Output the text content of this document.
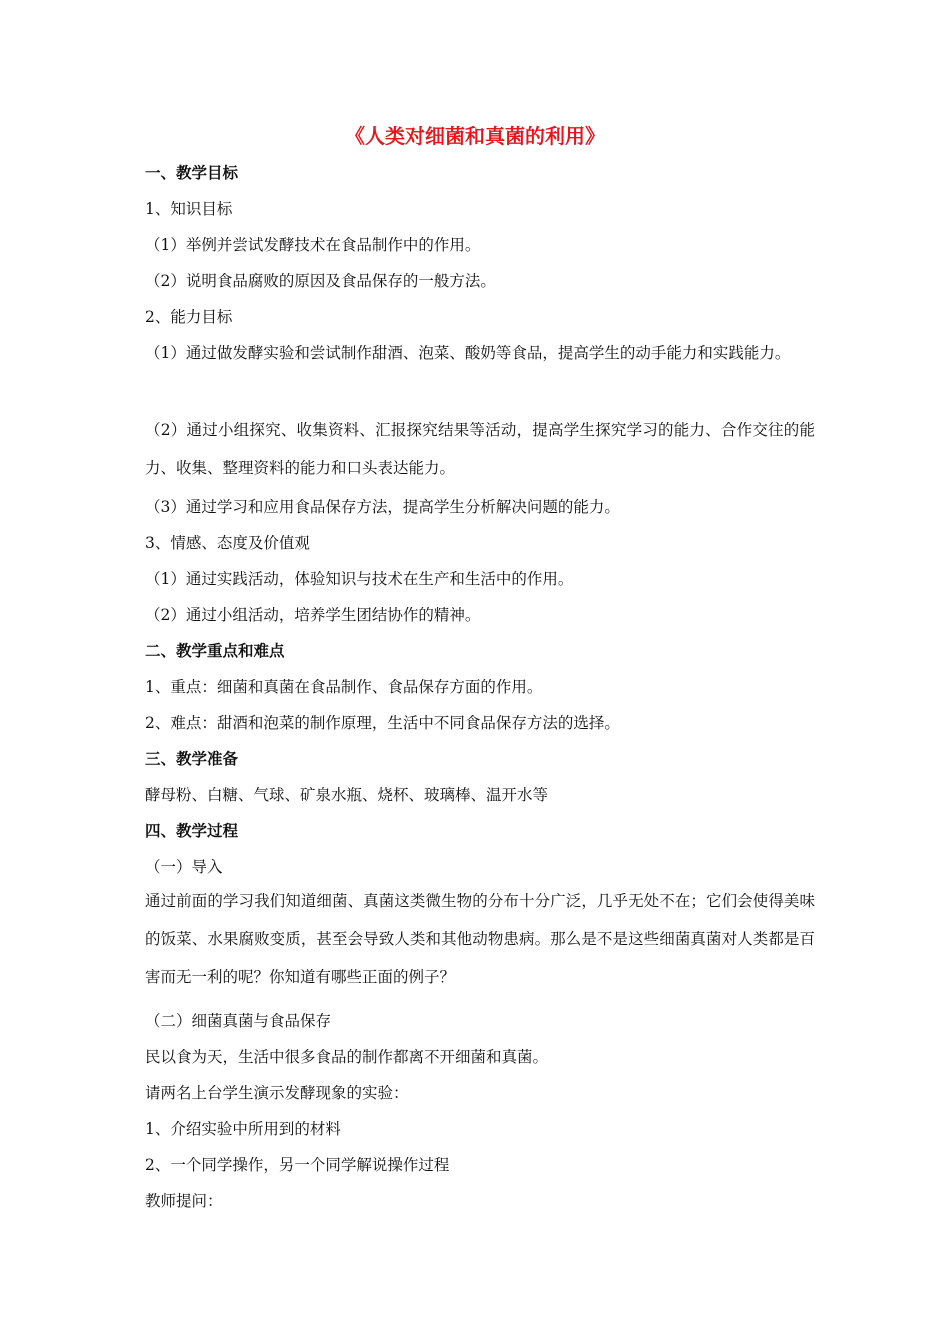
《人类对细菌和真菌的利用》
一、教学目标
1、知识目标
（1）举例并尝试发酵技术在食品制作中的作用。
（2）说明食品腐败的原因及食品保存的一般方法。
2、能力目标
（1）通过做发酵实验和尝试制作甜酒、泡菜、酸奶等食品，提高学生的动手能力和实践能力。
（2）通过小组探究、收集资料、汇报探究结果等活动，提高学生探究学习的能力、合作交往的能力、收集、整理资料的能力和口头表达能力。
（3）通过学习和应用食品保存方法，提高学生分析解决问题的能力。
3、情感、态度及价值观
（1）通过实践活动，体验知识与技术在生产和生活中的作用。
（2）通过小组活动，培养学生团结协作的精神。
二、教学重点和难点
1、重点：细菌和真菌在食品制作、食品保存方面的作用。
2、难点：甜酒和泡菜的制作原理，生活中不同食品保存方法的选择。
三、教学准备
酵母粉、白糖、气球、矿泉水瓶、烧杯、玻璃棒、温开水等
四、教学过程
（一）导入
通过前面的学习我们知道细菌、真菌这类微生物的分布十分广泛，几乎无处不在；它们会使得美味的饭菜、水果腐败变质，甚至会导致人类和其他动物患病。那么是不是这些细菌真菌对人类都是百害而无一利的呢？你知道有哪些正面的例子？
（二）细菌真菌与食品保存
民以食为天，生活中很多食品的制作都离不开细菌和真菌。
请两名上台学生演示发酵现象的实验：
1、介绍实验中所用到的材料
2、一个同学操作，另一个同学解说操作过程
教师提问：
